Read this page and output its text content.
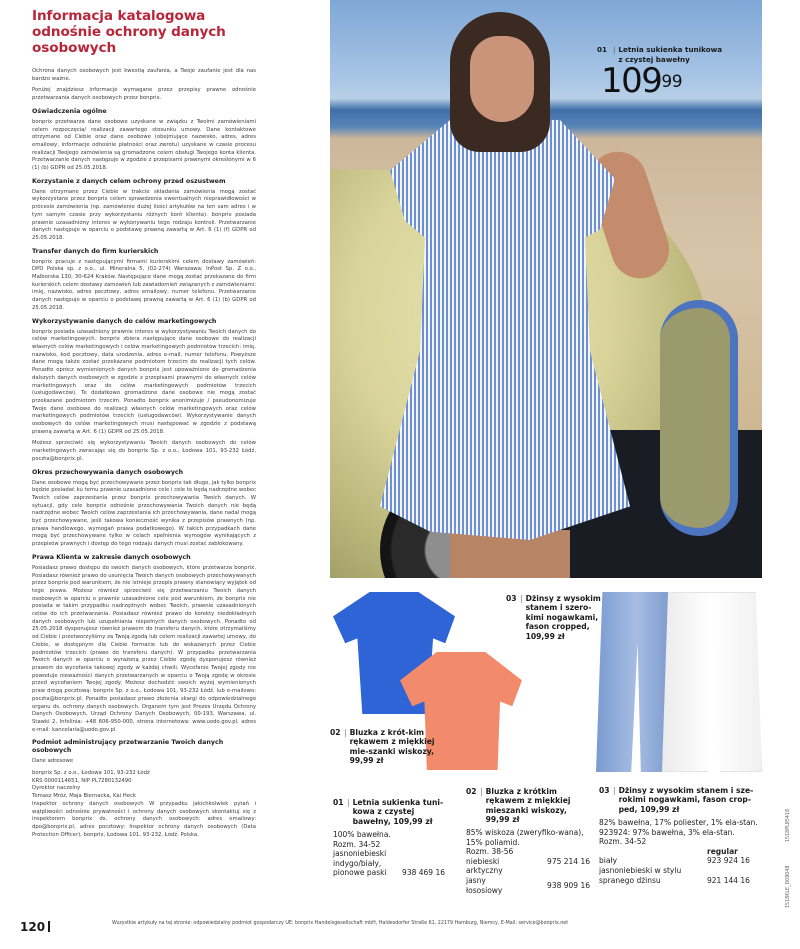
Informacja katalogowa odnośnie ochrony danych osobowych

Ochrona danych osobowych jest kwestią zaufania, a Twoje zaufanie jest dla nas bardzo ważne.

Poniżej znajdziesz informacje wymagane przez przepisy prawne odnośnie przetwarzania danych osobowych przez bonprix.

Oświadczenia ogólne

bonprix przetwarza dane osobowe uzyskane w związku z Twoimi zamówieniami celem rozpoczęcia/ realizacji zawartego stosunku umowy. Dane kontaktowe otrzymane od Ciebie oraz dane osobowe (obejmujące nazwisko, adres, adres emailowy, informacje odnośnie płatności oraz zwrotu) uzyskane w czasie procesu realizacji Twojego zamówienia są gromadzone celem obsługi Twojego konta klienta. Przetwarzanie danych następuje w zgodzie z przepisami prawnymi określonymi w 6 (1) (b) GDPR od 25.05.2018.

Korzystanie z danych celem ochrony przed oszustwem

Dane otrzymane przez Ciebie w trakcie składania zamówienia mogą zostać wykorzystane przez bonprix celem sprawdzenia ewentualnych nieprawidłowości w procesie zamówienia (np. zamówienie dużej ilości artykułów na ten sam adres i w tym samym czasie przy wykorzystaniu różnych kont klienta). bonprix posiada prawnie uzasadniony interes w wykonywaniu tego rodzaju kontroli. Przetwarzanie danych następuje w oparciu o podstawę prawną zawartą w Art. 6 (1) (f) GDPR od 25.05.2018.

Transfer danych do firm kurierskich

bonprix pracuje z następującymi firmami kurierskimi celem dostawy zamówień: DPD Polska sp. z o.o., ul. Mineralna 5, (02-274) Warszawa; InPost Sp. Z o.o., Malborska 130, 30-624 Kraków. Następujące dane mogą zostać przekazane do firm kurierskich celem dostawy zamówień lub zawiadomień związanych z zamówieniami: imię, nazwisko, adres pocztowy, adres emailowy, numer telefonu. Przetwarzanie danych następuje w oparciu o podstawę prawną zawartą w Art. 6 (1) (b) GDPR od 25.05.2018.

Wykorzystywanie danych do celów marketingowych

bonprix posiada uzasadniony prawnie interes w wykorzystywaniu Twoich danych do celów marketingowych. bonprix zbiera następujące dane osobowe do realizacji własnych celów marketingowych i celów marketingowych podmiotów trzecich: imię, nazwisko, kod pocztowy, data urodzenia, adres e-mail, numer telefonu. Powyższe dane mogą także zostać przekazane podmiotom trzecim do realizacji tych celów. Ponadto oprócz wymienionych danych bonprix jest upoważnione do gromadzenia dalszych danych osobowych w zgodzie z przepisami prawnymi do własnych celów marketingowych oraz do celów marketingowych podmiotów trzecich (usługodawców). Te dodatkowo gromadzone dane osobowe nie mogą zostać przekazane podmiotom trzecim. Ponadto bonprix anonimizuje / pseudonomizuje Twoje dane osobowe do realizacji własnych celów marketingowych oraz celów marketingowych podmiotów trzecich (usługodawców). Wykorzystywanie danych osobowych do celów marketingowych musi następować w zgodzie z podstawą prawną zawartą w Art. 6 (1) GDPR od 25.05.2018.

Możesz sprzeciwić się wykorzystywaniu Twoich danych osobowych do celów marketingowych zwracając się do bonprix Sp. z o.o., Łodowa 101, 93-232 Łódź, poczta@bonprix.pl.

Okres przechowywania danych osobowych

Dane osobowe mogą być przechowywane przez bonprix tak długo, jak tylko bonprix będzie posiadać ku temu prawnie uzasadnione cele i cele te będą nadrzędne wobec Twoich celów zaprzestania przez bonprix przechowywania Twoich danych. W sytuacji, gdy cele bonprix odnośnie przechowywania Twoich danych nie będą nadrzędne wobec Twoich celów zaprzestania ich przechowywania, dane nadal mogą być przechowywane, jeśli takowa konieczność wynika z przepisów prawnych (np. prawa handlowego, wymogań prawa podatkowego). W takich przypadkach dane mogą być przechowywane tylko w celach spełnienia wymogów wynikających z przepisów prawnych i dostęp do tego rodzaju danych musi zostać zablokowany.

Prawa Klienta w zakresie danych osobowych

Posiadasz prawo dostępu do swoich danych osobowych, które przetwarza bonprix. Posiadasz również prawo do usunięcia Twoich danych osobowych przechowywanych przez bonprix pod warunkiem, że nie istnieje przepis prawny stanowiący wyjątek od tego prawa. Możesz również sprzeciwić się przetwarzaniu Twoich danych osobowych w oparciu o prawnie uzasadnione cele pod warunkiem, że bonprix nie posiada w takim przypadku nadrzędnych wobec Twoich, prawnie uzasadnionych celów do ich przetwarzania. Posiadasz również prawo do korekty niedokładnych danych osobowych lub uzupełniania niepełnych danych osobowych. Ponadto od 25.05.2018 dysponujesz również prawem do transferu danych, które otrzymaliśmy od Ciebie i przetworzyliśmy za Twoją zgodą lub celem realizacji zawartej umowy, do Ciebie, w dostępnym dla Ciebie formacie lub do wskazanych przez Ciebie podmiotów trzecich (prawo do transferu danych). W przypadku przetwarzania Twoich danych w oparciu o wyrażoną przez Ciebie zgodę dysponujesz również prawem do wycofania takowej zgody w każdej chwili. Wycofanie Twojej zgody nie powoduje nieważności danych przetwarzanych w oparciu o Twoją zgodę w okresie przed wycofaniem Twojej zgody. Możesz dochodzić swoich wyżej wymienionych praw drogą pocztową: bonprix Sp. z o.o., Łodowa 101, 93-232 Łódź, lub e-mailowo: poczta@bonprix.pl. Ponadto posiadasz prawo złożenia skargi do odpowiedzialnego organu ds. ochrony danych osobowych. Organem tym jest Prezes Urzędu Ochrony Danych Osobowych, Urząd Ochrony Danych Osobowych, 00-193, Warszawa, ul. Stawki 2, Infolinia: +48 606-950-000, strona internetowa: www.uodo.gov.pl, adres e-mail: kancelaria@uodo.gov.pl

Podmiot administrujący przetwarzanie Twoich danych osobowych

Dane adresowe

bonprix Sp. z o.o., Łodowa 101, 93-232 Łódź

KRS 0000114651, NIP PL7280132490

Dyrektor naczelny

Tomasz Mróz, Maja Biernacka, Kai Heck

Inspektor ochrony danych osobowych W przypadku jakichkolwiek pytań i wątpliwości odnośnie prywatności i ochrony danych osobowych skontaktuj się z inspektorem bonprix ds. ochrony danych osobowych: adres emailowy: dpo@bonprix.pl, adres pocztowy: Inspektor ochrony danych osobowych (Data Protection Officer), bonprix, Łodowa 101, 93-232, Łódź, Polska.

01 | Letnia sukienka tunikowa
z czystej bawełny
$109^{99}$
02 | Bluzka z krót-kim rękawem z miękkiej mie-szanki wiskozy, 99,99 zł
03 | Dżinsy z wysokim stanem i szero-kimi nogawkami, fason cropped, 109,99 zł
01 | Letnia sukienka tuni-kowa z czystej bawełny, 109,99 zł
100% bawełna.
Rozm. 34-52
jasnoniebieski indygo/biały, pionowe paski	938 469 16
02 | Bluzka z krótkim rękawem z miękkiej mieszanki wiskozy, 99,99 zł
85% wiskoza (zweryfiko-wana), 15% poliamid.
Rozm. 38-56
niebieski arktyczny
975 214 16
jasny łososiowy
938 909 16
03 | Dżinsy z wysokim stanem i sze-rokimi nogawkami, fason crop-ped, 109,99 zł
82% bawełna, 17% poliester, 1% ela-stan. 923924: 97% bawełna, 3% ela-stan.
Rozm. 34-52
regular
biały	923 924 16
jasnoniebieski w stylu spranego dżinsu	921 144 16
120	Wszystkie artykuły na tej stronie: odpowiedzialny podmiot gospodarczy UE: bonprix Handelsgesellschaft mbH, Haldesdorfer Straße 61, 22179 Hamburg, Niemcy, E-Mail: service@bonprix.net
1518PL85418
1518KLE_D08048
